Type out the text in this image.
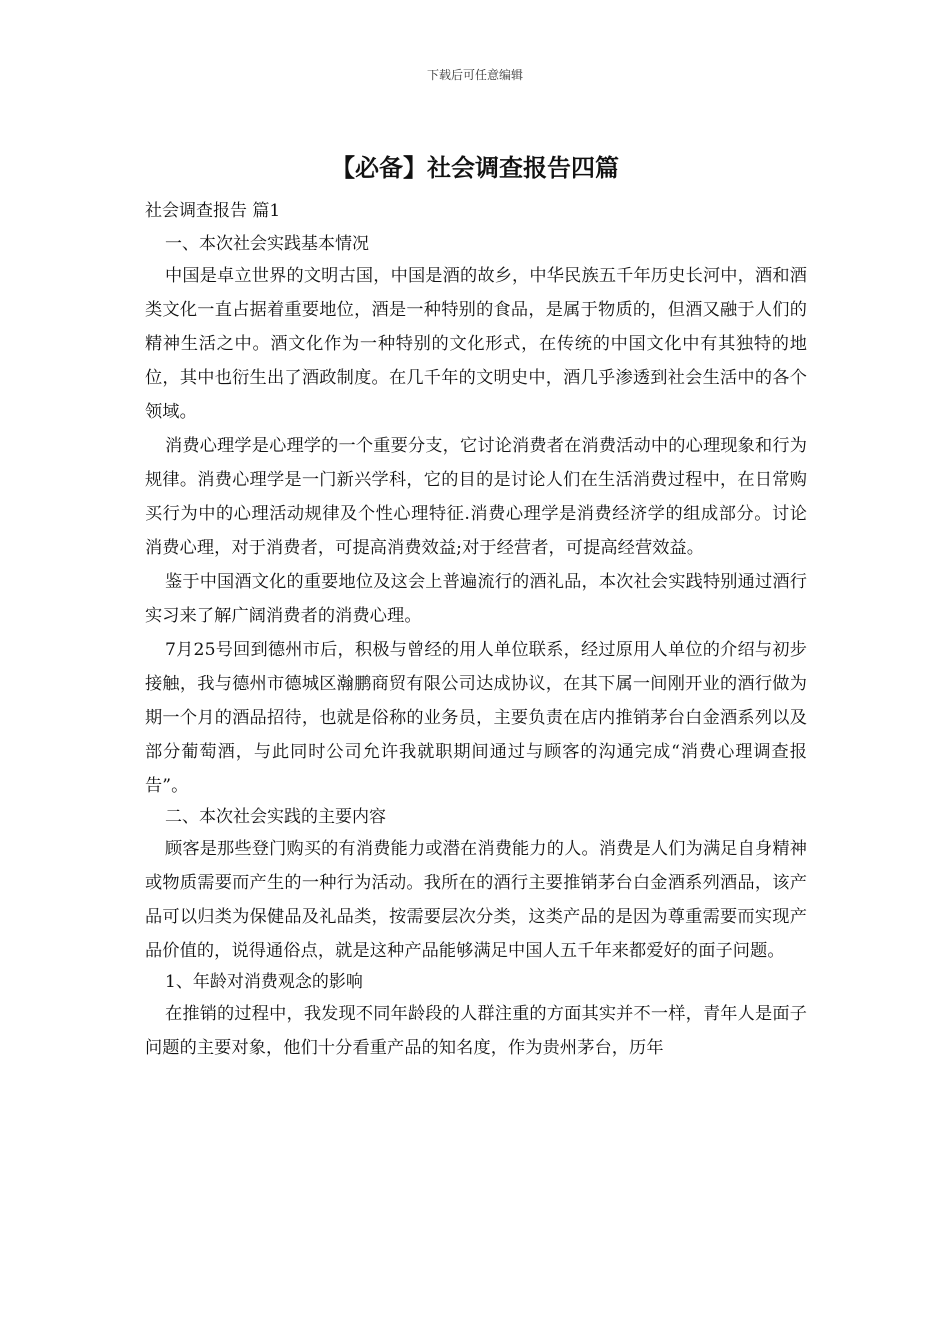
下载后可任意编辑
【必备】社会调查报告四篇

社会调查报告 篇1

一、本次社会实践基本情况

中国是卓立世界的文明古国，中国是酒的故乡，中华民族五千年历史长河中，酒和酒类文化一直占据着重要地位，酒是一种特别的食品，是属于物质的，但酒又融于人们的精神生活之中。酒文化作为一种特别的文化形式，在传统的中国文化中有其独特的地位，其中也衍生出了酒政制度。在几千年的文明史中，酒几乎渗透到社会生活中的各个领域。

消费心理学是心理学的一个重要分支，它讨论消费者在消费活动中的心理现象和行为规律。消费心理学是一门新兴学科，它的目的是讨论人们在生活消费过程中，在日常购买行为中的心理活动规律及个性心理特征.消费心理学是消费经济学的组成部分。讨论消费心理，对于消费者，可提高消费效益;对于经营者，可提高经营效益。

鉴于中国酒文化的重要地位及这会上普遍流行的酒礼品，本次社会实践特别通过酒行实习来了解广阔消费者的消费心理。

7月25号回到德州市后，积极与曾经的用人单位联系，经过原用人单位的介绍与初步接触，我与德州市德城区瀚鹏商贸有限公司达成协议，在其下属一间刚开业的酒行做为期一个月的酒品招待，也就是俗称的业务员，主要负责在店内推销茅台白金酒系列以及部分葡萄酒，与此同时公司允许我就职期间通过与顾客的沟通完成“消费心理调查报告”。

二、本次社会实践的主要内容

顾客是那些登门购买的有消费能力或潜在消费能力的人。消费是人们为满足自身精神或物质需要而产生的一种行为活动。我所在的酒行主要推销茅台白金酒系列酒品，该产品可以归类为保健品及礼品类，按需要层次分类，这类产品的是因为尊重需要而实现产品价值的，说得通俗点，就是这种产品能够满足中国人五千年来都爱好的面子问题。

1、年龄对消费观念的影响

在推销的过程中，我发现不同年龄段的人群注重的方面其实并不一样，青年人是面子问题的主要对象，他们十分看重产品的知名度，作为贵州茅台，历年
